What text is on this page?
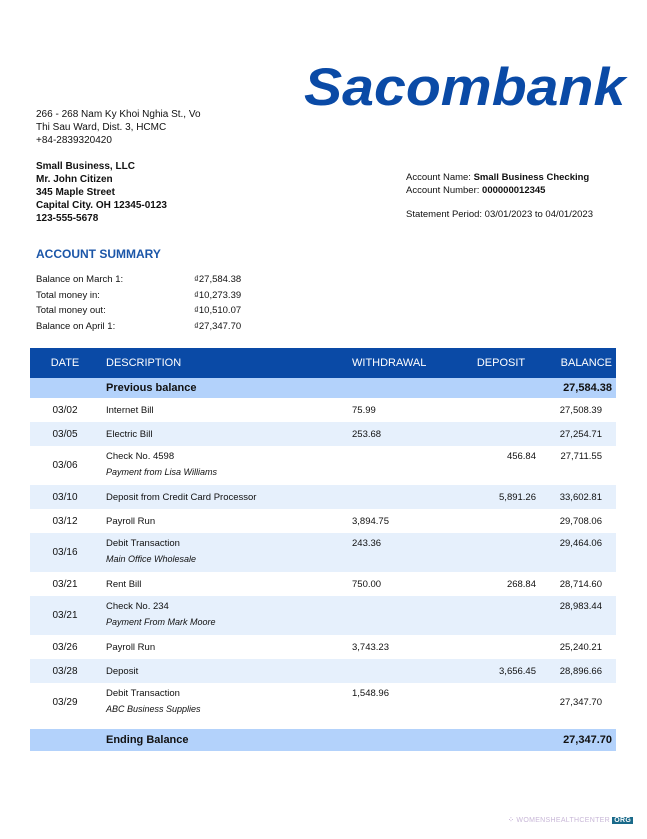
Sacombank
266 - 268 Nam Ky Khoi Nghia St., Vo
Thi Sau Ward, Dist. 3, HCMC
+84-2839320420
Small Business, LLC
Mr. John Citizen
345 Maple Street
Capital City. OH 12345-0123
123-555-5678
Account Name: Small Business Checking
Account Number: 000000012345
Statement Period: 03/01/2023 to 04/01/2023
ACCOUNT SUMMARY
Balance on March 1:	₫27,584.38
Total money in:	₫10,273.39
Total money out:	₫10,510.07
Balance on April 1:	₫27,347.70
DATE	DESCRIPTION	WITHDRAWAL	DEPOSIT	BALANCE
	Previous balance			27,584.38
03/02	Internet Bill	75.99		27,508.39
03/05	Electric Bill	253.68		27,254.71
03/06	Check No. 4598
Payment from Lisa Williams		456.84	27,711.55
03/10	Deposit from Credit Card Processor		5,891.26	33,602.81
03/12	Payroll Run	3,894.75		29,708.06
03/16	Debit Transaction
Main Office Wholesale	243.36		29,464.06
03/21	Rent Bill	750.00	268.84	28,714.60
03/21	Check No. 234
Payment From Mark Moore			28,983.44
03/26	Payroll Run	3,743.23		25,240.21
03/28	Deposit		3,656.45	28,896.66
03/29	Debit Transaction
ABC Business Supplies	1,548.96		27,347.70

	Ending Balance			27,347.70
⁘ WOMENSHEALTHCENTER ORG
